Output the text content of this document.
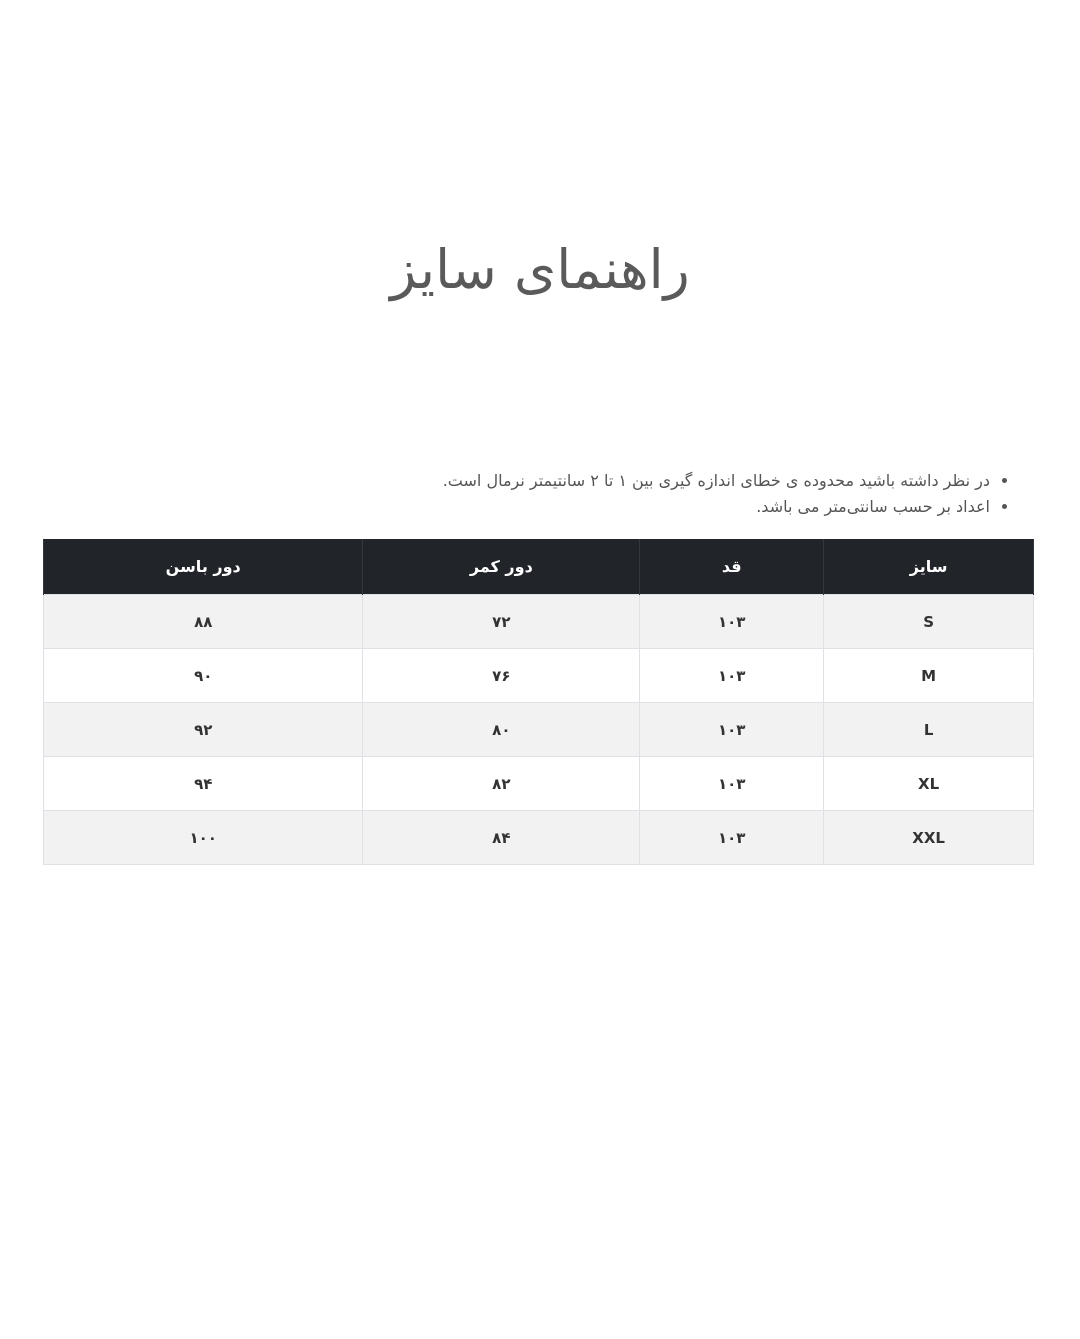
راهنمای سایز
• در نظر داشته باشید محدوده ی خطای اندازه گیری بین ۱ تا ۲ سانتیمتر نرمال است.
• اعداد بر حسب سانتی‌متر می باشد.
سایز	قد	دور کمر	دور باسن
S	۱۰۳	۷۲	۸۸
M	۱۰۳	۷۶	۹۰
L	۱۰۳	۸۰	۹۲
XL	۱۰۳	۸۲	۹۴
XXL	۱۰۳	۸۴	۱۰۰
